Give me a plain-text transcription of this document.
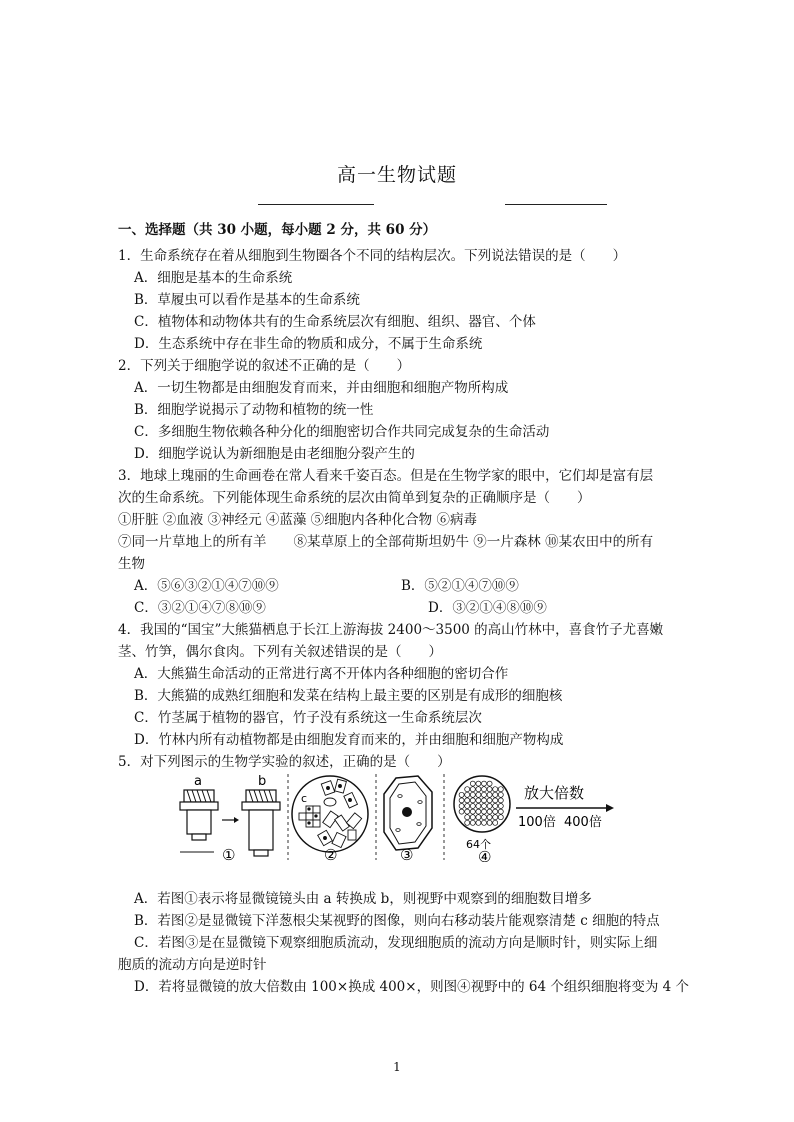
高一生物试题
一、选择题（共 30 小题，每小题 2 分，共 60 分）
1．生命系统存在着从细胞到生物圈各个不同的结构层次。下列说法错误的是（　　）
A．细胞是基本的生命系统
B．草履虫可以看作是基本的生命系统
C．植物体和动物体共有的生命系统层次有细胞、组织、器官、个体
D．生态系统中存在非生命的物质和成分，不属于生命系统
2．下列关于细胞学说的叙述不正确的是（　　）
A．一切生物都是由细胞发育而来，并由细胞和细胞产物所构成
B．细胞学说揭示了动物和植物的统一性
C．多细胞生物依赖各种分化的细胞密切合作共同完成复杂的生命活动
D．细胞学说认为新细胞是由老细胞分裂产生的
3．地球上瑰丽的生命画卷在常人看来千姿百态。但是在生物学家的眼中，它们却是富有层
次的生命系统。下列能体现生命系统的层次由简单到复杂的正确顺序是（　　）
①肝脏 ②血液 ③神经元 ④蓝藻 ⑤细胞内各种化合物 ⑥病毒
⑦同一片草地上的所有羊　　⑧某草原上的全部荷斯坦奶牛 ⑨一片森林 ⑩某农田中的所有
生物
A．⑤⑥③②①④⑦⑩⑨	B．⑤②①④⑦⑩⑨
C．③②①④⑦⑧⑩⑨	D．③②①④⑧⑩⑨
4．我国的“国宝”大熊猫栖息于长江上游海拔 2400～3500 的高山竹林中，喜食竹子尤喜嫩
茎、竹笋，偶尔食肉。下列有关叙述错误的是（　　）
A．大熊猫生命活动的正常进行离不开体内各种细胞的密切合作
B．大熊猫的成熟红细胞和发菜在结构上最主要的区别是有成形的细胞核
C．竹茎属于植物的器官，竹子没有系统这一生命系统层次
D．竹林内所有动植物都是由细胞发育而来的，并由细胞和细胞产物构成
5．对下列图示的生物学实验的叙述，正确的是（　　）
a	b
①
c
②	③
64个
④
放大倍数
100倍 400倍
A．若图①表示将显微镜镜头由 a 转换成 b，则视野中观察到的细胞数目增多
B．若图②是显微镜下洋葱根尖某视野的图像，则向右移动装片能观察清楚 c 细胞的特点
C．若图③是在显微镜下观察细胞质流动，发现细胞质的流动方向是顺时针，则实际上细
胞质的流动方向是逆时针
D．若将显微镜的放大倍数由 100×换成 400×，则图④视野中的 64 个组织细胞将变为 4 个
1
